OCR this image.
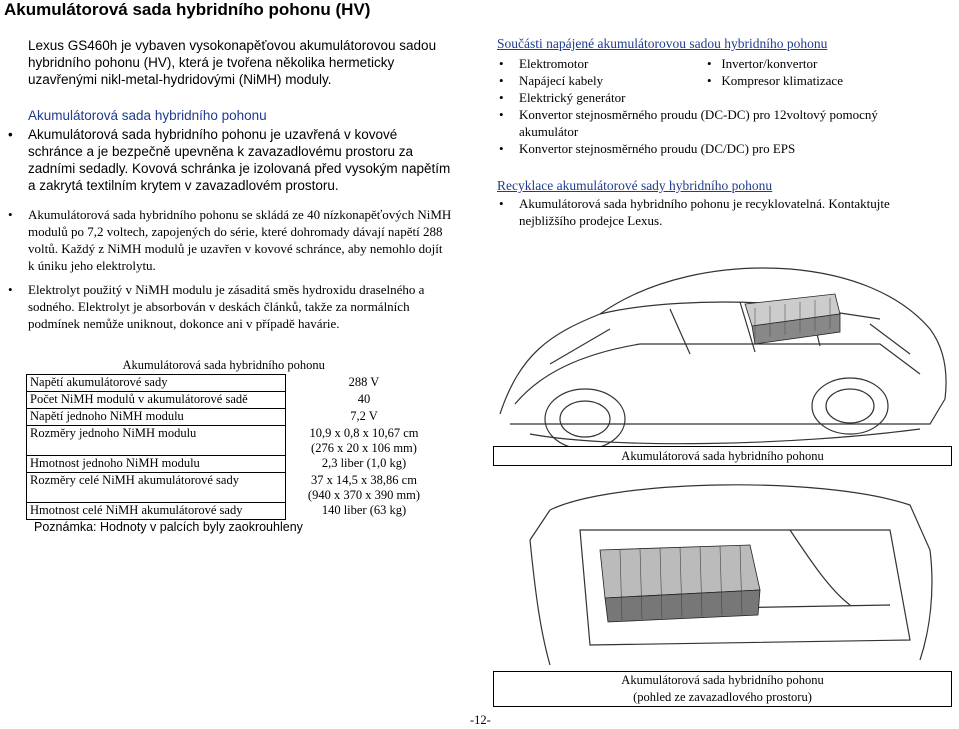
Akumulátorová sada hybridního pohonu (HV)
Lexus GS460h je vybaven vysokonapěťovou akumulátorovou sadou hybridního pohonu (HV), která je tvořena několika hermeticky uzavřenými nikl-metal-hydridovými (NiMH) moduly.
Akumulátorová sada hybridního pohonu
• Akumulátorová sada hybridního pohonu je uzavřená v kovové schránce a je bezpečně upevněna k zavazadlovému prostoru za zadními sedadly. Kovová schránka je izolovaná před vysokým napětím a zakrytá textilním krytem v zavazadlovém prostoru.
• Akumulátorová sada hybridního pohonu se skládá ze 40 nízkonapěťových NiMH modulů po 7,2 voltech, zapojených do série, které dohromady dávají napětí 288 voltů. Každý z NiMH modulů je uzavřen v kovové schránce, aby nemohlo dojít k úniku jeho elektrolytu.
• Elektrolyt použitý v NiMH modulu je zásaditá směs hydroxidu draselného a sodného. Elektrolyt je absorbován v deskách článků, takže za normálních podmínek nemůže uniknout, dokonce ani v případě havárie.
Součásti napájené akumulátorovou sadou hybridního pohonu
• Elektromotor	•   Invertor/konvertor
• Napájecí kabely	•   Kompresor klimatizace
• Elektrický generátor
• Konvertor stejnosměrného proudu (DC-DC) pro 12voltový pomocný akumulátor
• Konvertor stejnosměrného proudu (DC/DC) pro EPS
Recyklace akumulátorové sady hybridního pohonu
• Akumulátorová sada hybridního pohonu je recyklovatelná. Kontaktujte nejbližšího prodejce Lexus.
Akumulátorová sada hybridního pohonu	
Napětí akumulátorové sady	288 V
Počet NiMH modulů v akumulátorové sadě	40
Napětí jednoho NiMH modulu	7,2 V
Rozměry jednoho NiMH modulu	10,9 x 0,8 x 10,67 cm
(276 x 20 x 106 mm)

Hmotnost jednoho NiMH modulu	2,3 liber (1,0 kg)
Rozměry celé NiMH akumulátorové sady	37 x 14,5 x 38,86 cm
(940 x 370 x 390 mm)

Hmotnost celé NiMH akumulátorové sady	140 liber (63 kg)
Poznámka: Hodnoty v palcích byly zaokrouhleny
Akumulátorová sada hybridního pohonu
Akumulátorová sada hybridního pohonu
(pohled ze zavazadlového prostoru)
-12-
